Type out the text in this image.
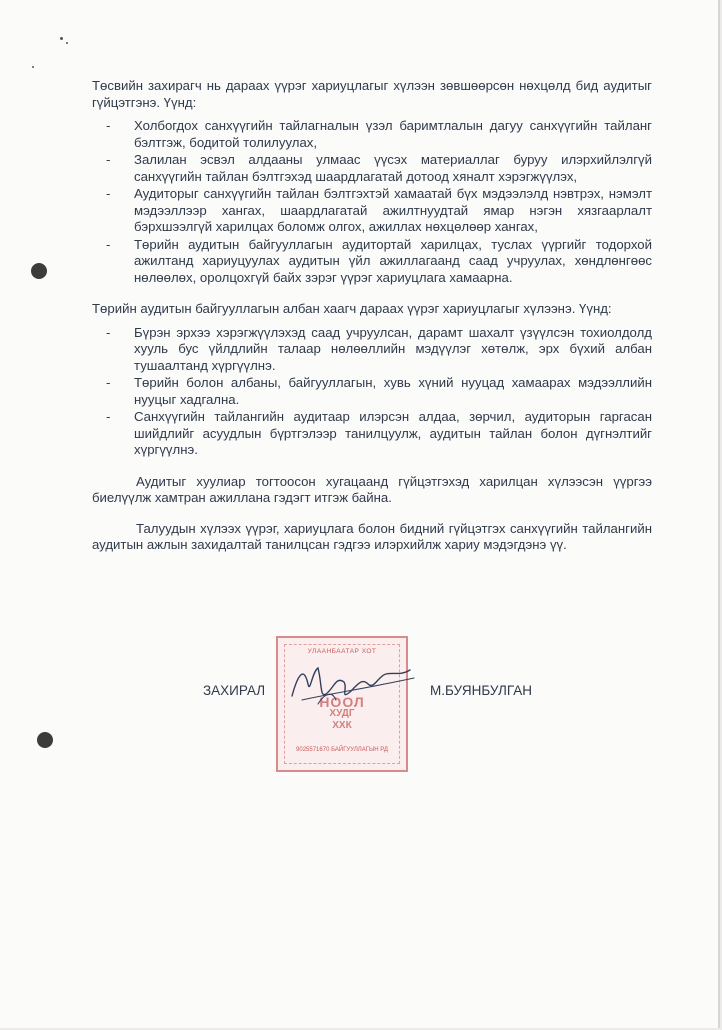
Төсвийн захирагч нь дараах үүрэг хариуцлагыг хүлээн зөвшөөрсөн нөхцөлд бид аудитыг гүйцэтгэнэ. Үүнд:

- Холбогдох санхүүгийн тайлагналын үзэл баримтлалын дагуу санхүүгийн тайланг бэлтгэж, бодитой толилуулах,
- Залилан эсвэл алдааны улмаас үүсэх материаллаг буруу илэрхийлэлгүй санхүүгийн тайлан бэлтгэхэд шаардлагатай дотоод хяналт хэрэгжүүлэх,
- Аудиторыг санхүүгийн тайлан бэлтгэхтэй хамаатай бүх мэдээлэлд нэвтрэх, нэмэлт мэдээллээр хангах, шаардлагатай ажилтнуудтай ямар нэгэн хязгаарлалт бэрхшээлгүй харилцах боломж олгох, ажиллах нөхцөлөөр хангах,
- Төрийн аудитын байгууллагын аудитортай харилцах, туслах үүргийг тодорхой ажилтанд хариуцуулах аудитын үйл ажиллагаанд саад учруулах, хөндлөнгөөс нөлөөлөх, оролцохгүй байх зэрэг үүрэг хариуцлага хамаарна.

Төрийн аудитын байгууллагын албан хаагч дараах үүрэг хариуцлагыг хүлээнэ. Үүнд:

- Бүрэн эрхээ хэрэгжүүлэхэд саад учруулсан, дарамт шахалт үзүүлсэн тохиолдолд хууль бус үйлдлийн талаар нөлөөллийн мэдүүлэг хөтөлж, эрх бүхий албан тушаалтанд хүргүүлнэ.
- Төрийн болон албаны, байгууллагын, хувь хүний нууцад хамаарах мэдээллийн нууцыг хадгална.
- Санхүүгийн тайлангийн аудитаар илэрсэн алдаа, зөрчил, аудиторын гаргасан шийдлийг асуудлын бүртгэлээр танилцуулж, аудитын тайлан болон дүгнэлтийг хүргүүлнэ.

Аудитыг хуулиар тогтоосон хугацаанд гүйцэтгэхэд харилцан хүлээсэн үүргээ биелүүлж хамтран ажиллана гэдэгт итгэж байна.

Талуудын хүлээх үүрэг, хариуцлага болон бидний гүйцэтгэх санхүүгийн тайлангийн аудитын ажлын захидалтай танилцсан гэдгээ илэрхийлж хариу мэдэгдэнэ үү.

УЛААНБААТАР ХОТ
НООЛ
ХУДГ
ХХК
9025571670 БАЙГУУЛЛАГЫН РД
ЗАХИРАЛ	М.БУЯНБУЛГАН
